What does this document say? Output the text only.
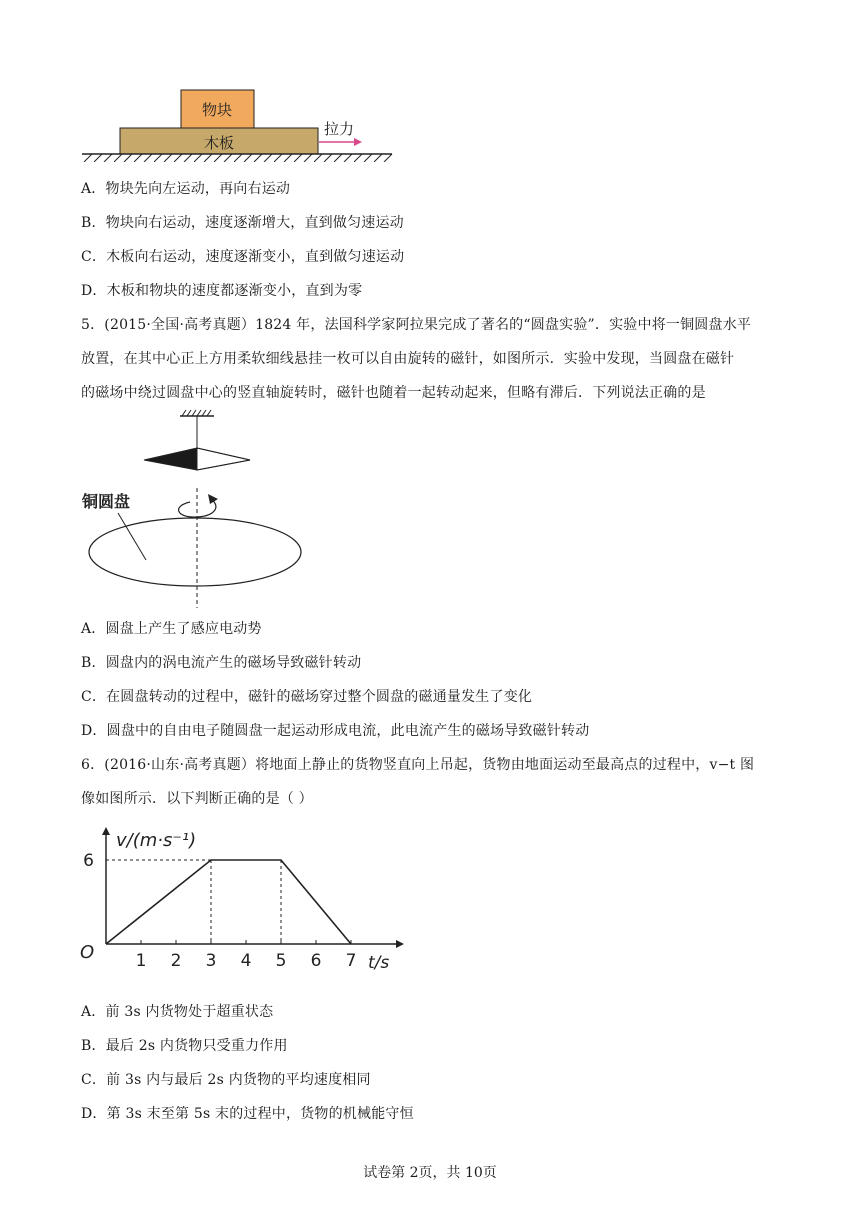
物块
木板
拉力
A．物块先向左运动，再向右运动
B．物块向右运动，速度逐渐增大，直到做匀速运动
C．木板向右运动，速度逐渐变小，直到做匀速运动
D．木板和物块的速度都逐渐变小，直到为零
5．(2015·全国·高考真题）1824 年，法国科学家阿拉果完成了著名的“圆盘实验”．实验中将一铜圆盘水平
放置，在其中心正上方用柔软细线悬挂一枚可以自由旋转的磁针，如图所示．实验中发现，当圆盘在磁针
的磁场中绕过圆盘中心的竖直轴旋转时，磁针也随着一起转动起来，但略有滞后．下列说法正确的是
铜圆盘
A．圆盘上产生了感应电动势
B．圆盘内的涡电流产生的磁场导致磁针转动
C．在圆盘转动的过程中，磁针的磁场穿过整个圆盘的磁通量发生了变化
D．圆盘中的自由电子随圆盘一起运动形成电流，此电流产生的磁场导致磁针转动
6．(2016·山东·高考真题）将地面上静止的货物竖直向上吊起，货物由地面运动至最高点的过程中，v−t 图
像如图所示．以下判断正确的是（ ）
1 2 3 4 5 6 7
6
v/(m·s⁻¹)
t/s
O
A．前 3s 内货物处于超重状态
B．最后 2s 内货物只受重力作用
C．前 3s 内与最后 2s 内货物的平均速度相同
D．第 3s 末至第 5s 末的过程中，货物的机械能守恒
试卷第 2页，共 10页
